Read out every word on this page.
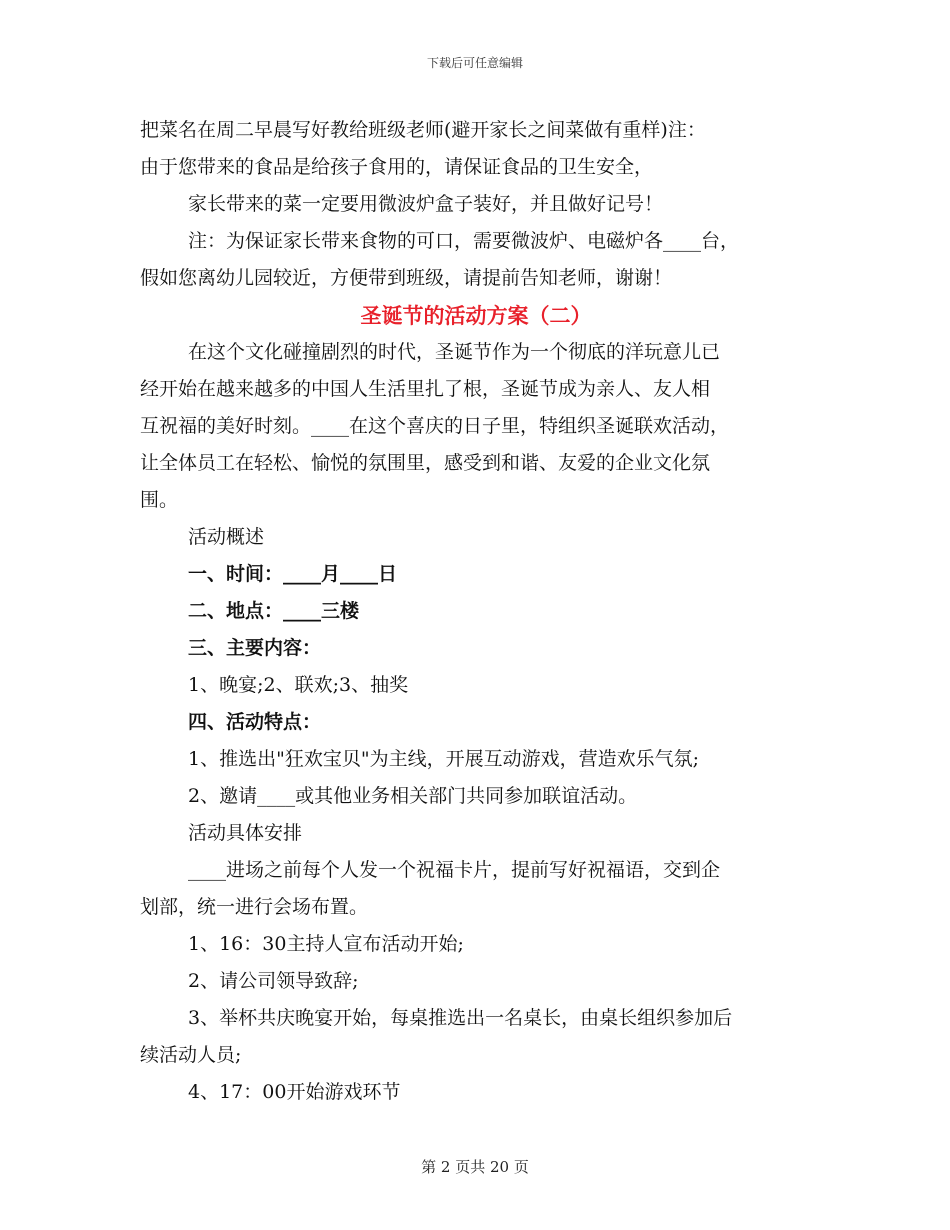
下载后可任意编辑
把菜名在周二早晨写好教给班级老师(避开家长之间菜做有重样)注：
由于您带来的食品是给孩子食用的，请保证食品的卫生安全，
家长带来的菜一定要用微波炉盒子装好，并且做好记号！
注：为保证家长带来食物的可口，需要微波炉、电磁炉各____台，
假如您离幼儿园较近，方便带到班级，请提前告知老师，谢谢！
圣诞节的活动方案（二）
在这个文化碰撞剧烈的时代，圣诞节作为一个彻底的洋玩意儿已
经开始在越来越多的中国人生活里扎了根，圣诞节成为亲人、友人相
互祝福的美好时刻。____在这个喜庆的日子里，特组织圣诞联欢活动，
让全体员工在轻松、愉悦的氛围里，感受到和谐、友爱的企业文化氛
围。
活动概述
一、时间：____月____日
二、地点：____三楼
三、主要内容：
1、晚宴;2、联欢;3、抽奖
四、活动特点：
1、推选出"狂欢宝贝"为主线，开展互动游戏，营造欢乐气氛;
2、邀请____或其他业务相关部门共同参加联谊活动。
活动具体安排
____进场之前每个人发一个祝福卡片，提前写好祝福语，交到企
划部，统一进行会场布置。
1、16：30主持人宣布活动开始;
2、请公司领导致辞;
3、举杯共庆晚宴开始，每桌推选出一名桌长，由桌长组织参加后
续活动人员;
4、17：00开始游戏环节
第 2 页共 20 页
